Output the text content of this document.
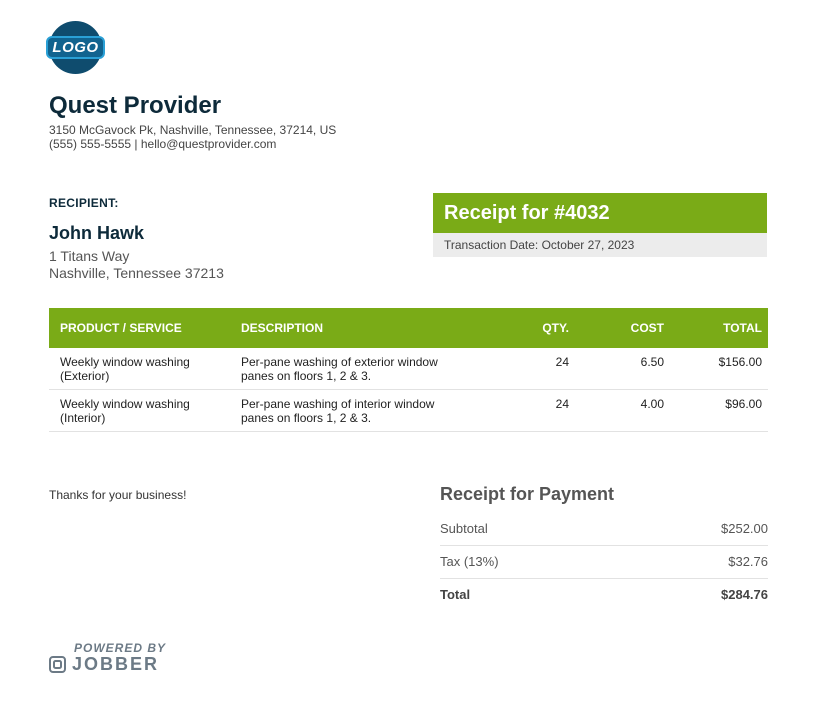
LOGO
Quest Provider
3150 McGavock Pk, Nashville, Tennessee, 37214, US
(555) 555-5555 | hello@questprovider.com
RECIPIENT:
John Hawk
1 Titans Way
Nashville, Tennessee 37213
Receipt for #4032
Transaction Date: October 27, 2023
PRODUCT / SERVICE	DESCRIPTION	QTY.	COST	TOTAL
Weekly window washing (Exterior)	Per-pane washing of exterior window panes on floors 1, 2 & 3.	24	6.50	$156.00
Weekly window washing (Interior)	Per-pane washing of interior window panes on floors 1, 2 & 3.	24	4.00	$96.00
Thanks for your business!	Receipt for Payment
Subtotal	$252.00
Tax (13%)	$32.76
Total	$284.76
POWERED BY
JOBBER
